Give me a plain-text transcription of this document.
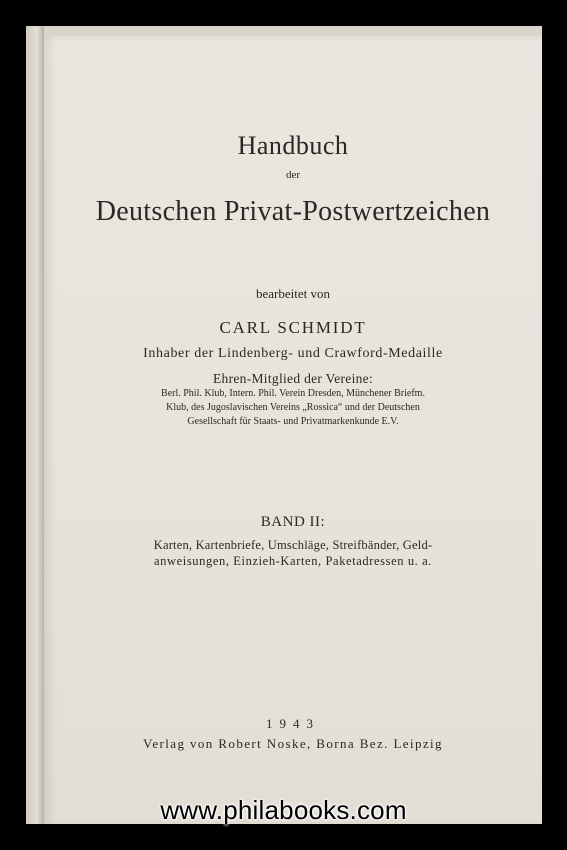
Handbuch
der
Deutschen Privat-Postwertzeichen
bearbeitet von
CARL SCHMIDT
Inhaber der Lindenberg- und Crawford-Medaille
Ehren-Mitglied der Vereine:
Berl. Phil. Klub, Intern. Phil. Verein Dresden, Münchener Briefm.
Klub, des Jugoslavischen Vereins „Rossica“ und der Deutschen
Gesellschaft für Staats- und Privatmarkenkunde E.V.
BAND II:
Karten, Kartenbriefe, Umschläge, Streifbänder, Geld-
anweisungen, Einzieh-Karten, Paketadressen u. a.
1943
Verlag von Robert Noske, Borna Bez. Leipzig
www.philabooks.com
